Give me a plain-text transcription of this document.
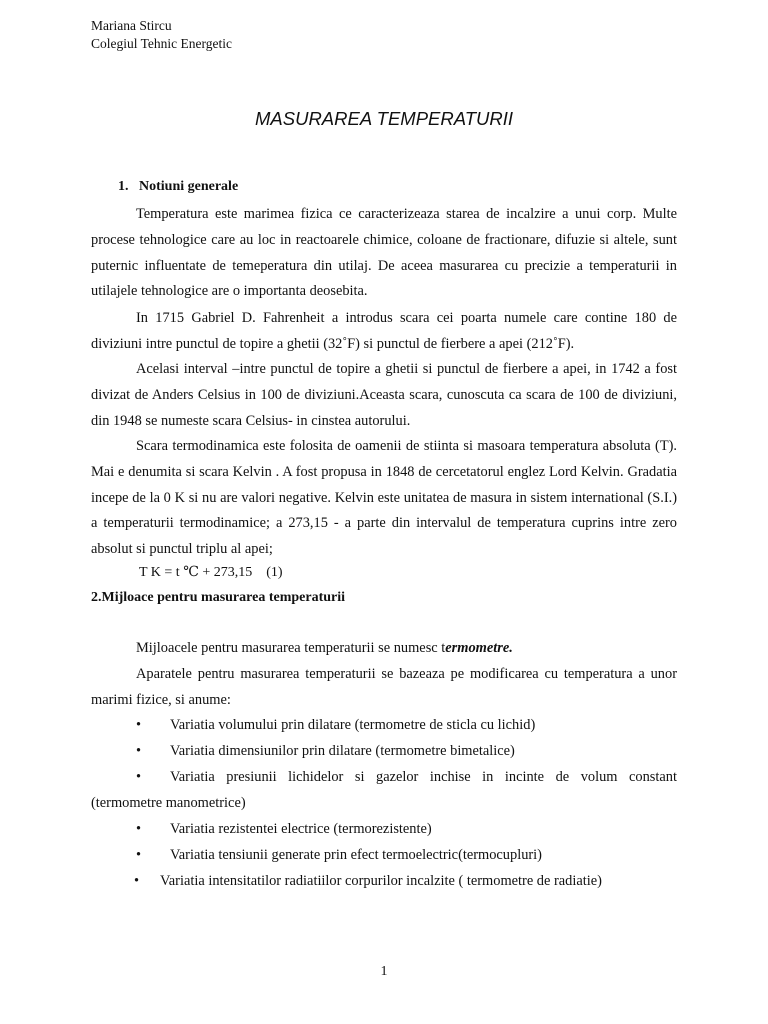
Mariana Stircu
Colegiul Tehnic Energetic
MASURAREA TEMPERATURII
1. Notiuni generale

Temperatura este marimea fizica ce caracterizeaza starea de incalzire a unui corp. Multe procese tehnologice care au loc in reactoarele chimice, coloane de fractionare, difuzie si altele, sunt puternic influentate de temeperatura din utilaj. De aceea masurarea cu precizie a temperaturii in utilajele tehnologice are o importanta deosebita.

In 1715 Gabriel D. Fahrenheit a introdus scara cei poarta numele care contine 180 de diviziuni intre punctul de topire a ghetii (32˚F) si punctul de fierbere a apei (212˚F).

Acelasi interval –intre punctul de topire a ghetii si punctul de fierbere a apei, in 1742 a fost divizat de Anders Celsius in 100 de diviziuni.Aceasta scara, cunoscuta ca scara de 100 de diviziuni, din 1948 se numeste scara Celsius- in cinstea autorului.

Scara termodinamica este folosita de oamenii de stiinta si masoara temperatura absoluta (T). Mai e denumita si scara Kelvin . A fost propusa in 1848 de cercetatorul englez Lord Kelvin. Gradatia incepe de la 0 K si nu are valori negative. Kelvin este unitatea de masura in sistem international (S.I.) a temperaturii termodinamice; a 273,15 - a parte din intervalul de temperatura cuprins intre zero absolut si punctul triplu al apei;

T K = t ℃ + 273,15 (1)
2.Mijloace pentru masurarea temperaturii
Mijloacele pentru masurarea temperaturii se numesc termometre.

Aparatele pentru masurarea temperaturii se bazeaza pe modificarea cu temperatura a unor marimi fizice, si anume:

• Variatia volumului prin dilatare (termometre de sticla cu lichid)
• Variatia dimensiunilor prin dilatare (termometre bimetalice)
• Variatia presiunii lichidelor si gazelor inchise in incinte de volum constant
(termometre manometrice)
• Variatia rezistentei electrice (termorezistente)
• Variatia tensiunii generate prin efect termoelectric(termocupluri)
• Variatia intensitatilor radiatiilor corpurilor incalzite ( termometre de radiatie)
1
